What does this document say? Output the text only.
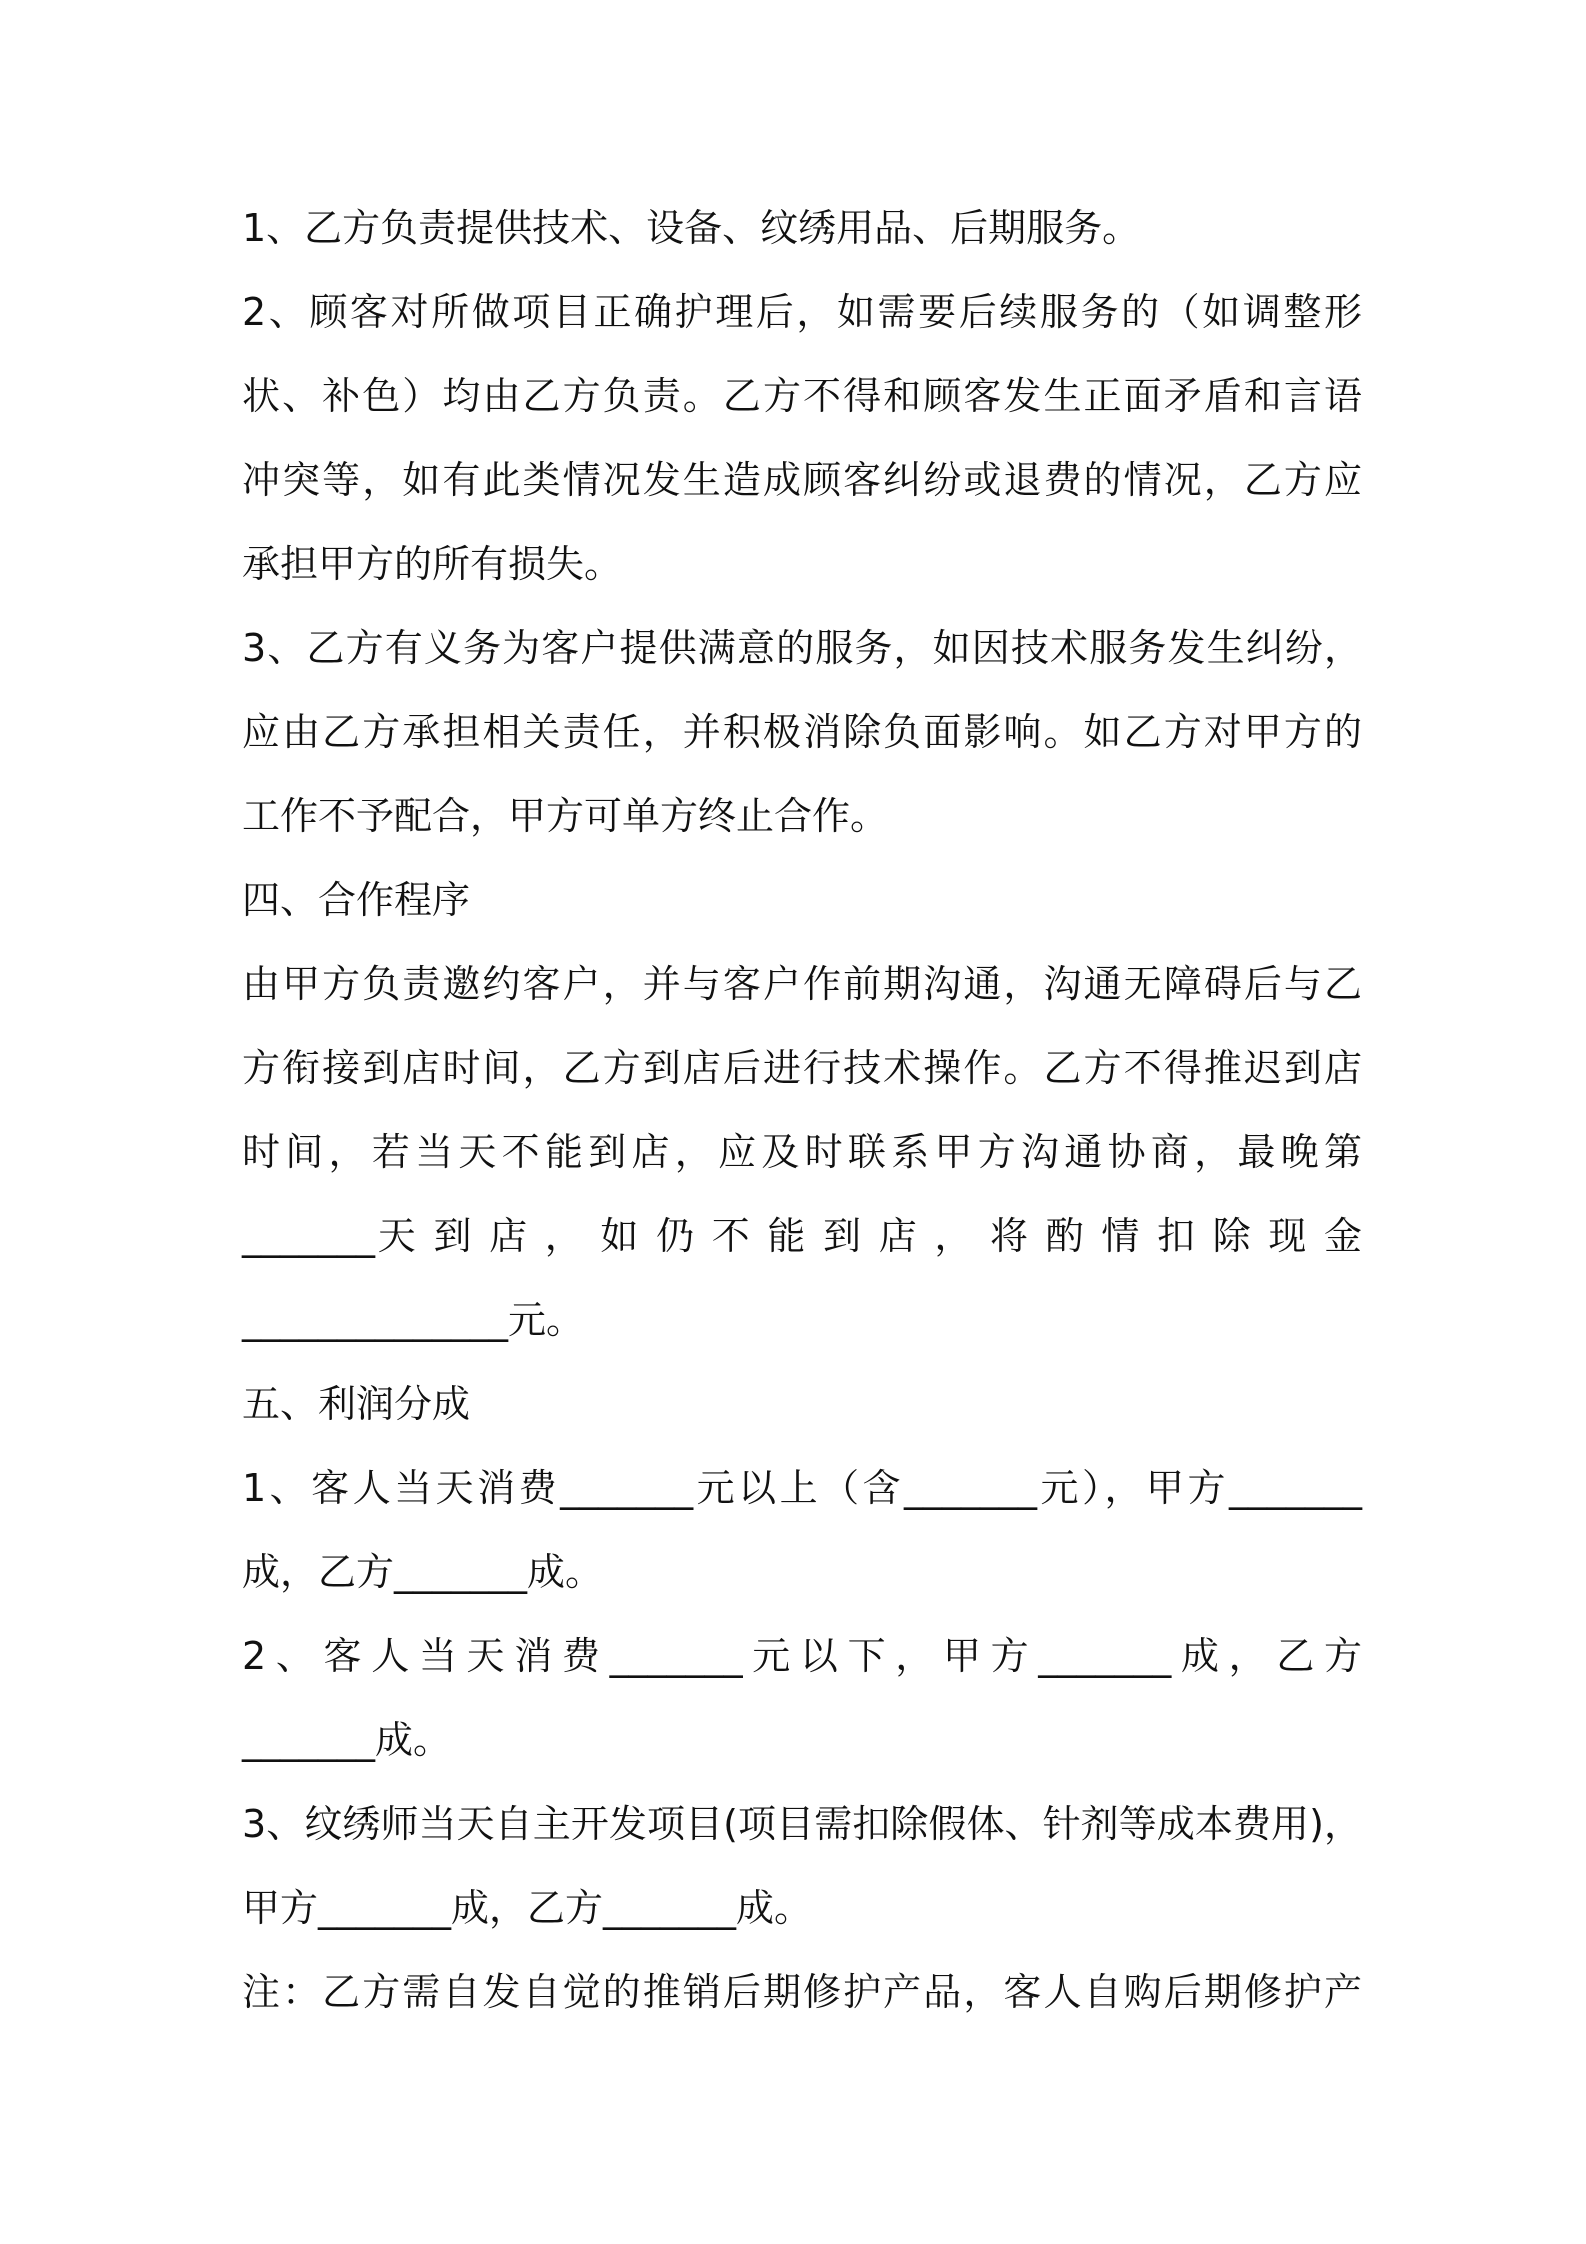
1、乙方负责提供技术、设备、纹绣用品、后期服务。
2、顾客对所做项目正确护理后，如需要后续服务的（如调整形
状、补色）均由乙方负责。乙方不得和顾客发生正面矛盾和言语
冲突等，如有此类情况发生造成顾客纠纷或退费的情况，乙方应
承担甲方的所有损失。
3、乙方有义务为客户提供满意的服务，如因技术服务发生纠纷，
应由乙方承担相关责任，并积极消除负面影响。如乙方对甲方的
工作不予配合，甲方可单方终止合作。
四、合作程序
由甲方负责邀约客户，并与客户作前期沟通，沟通无障碍后与乙
方衔接到店时间，乙方到店后进行技术操作。乙方不得推迟到店
时间，若当天不能到店，应及时联系甲方沟通协商，最晚第
_______天 到 店 ， 如 仍 不 能 到 店 ， 将 酌 情 扣 除 现 金
______________元。
五、利润分成
1、客人当天消费_______元以上（含_______元），甲方_______
成，乙方_______成。
2、客人当天消费_______元以下，甲方_______成，乙方
_______成。
3、纹绣师当天自主开发项目(项目需扣除假体、针剂等成本费用)，
甲方_______成，乙方_______成。
注：乙方需自发自觉的推销后期修护产品，客人自购后期修护产
